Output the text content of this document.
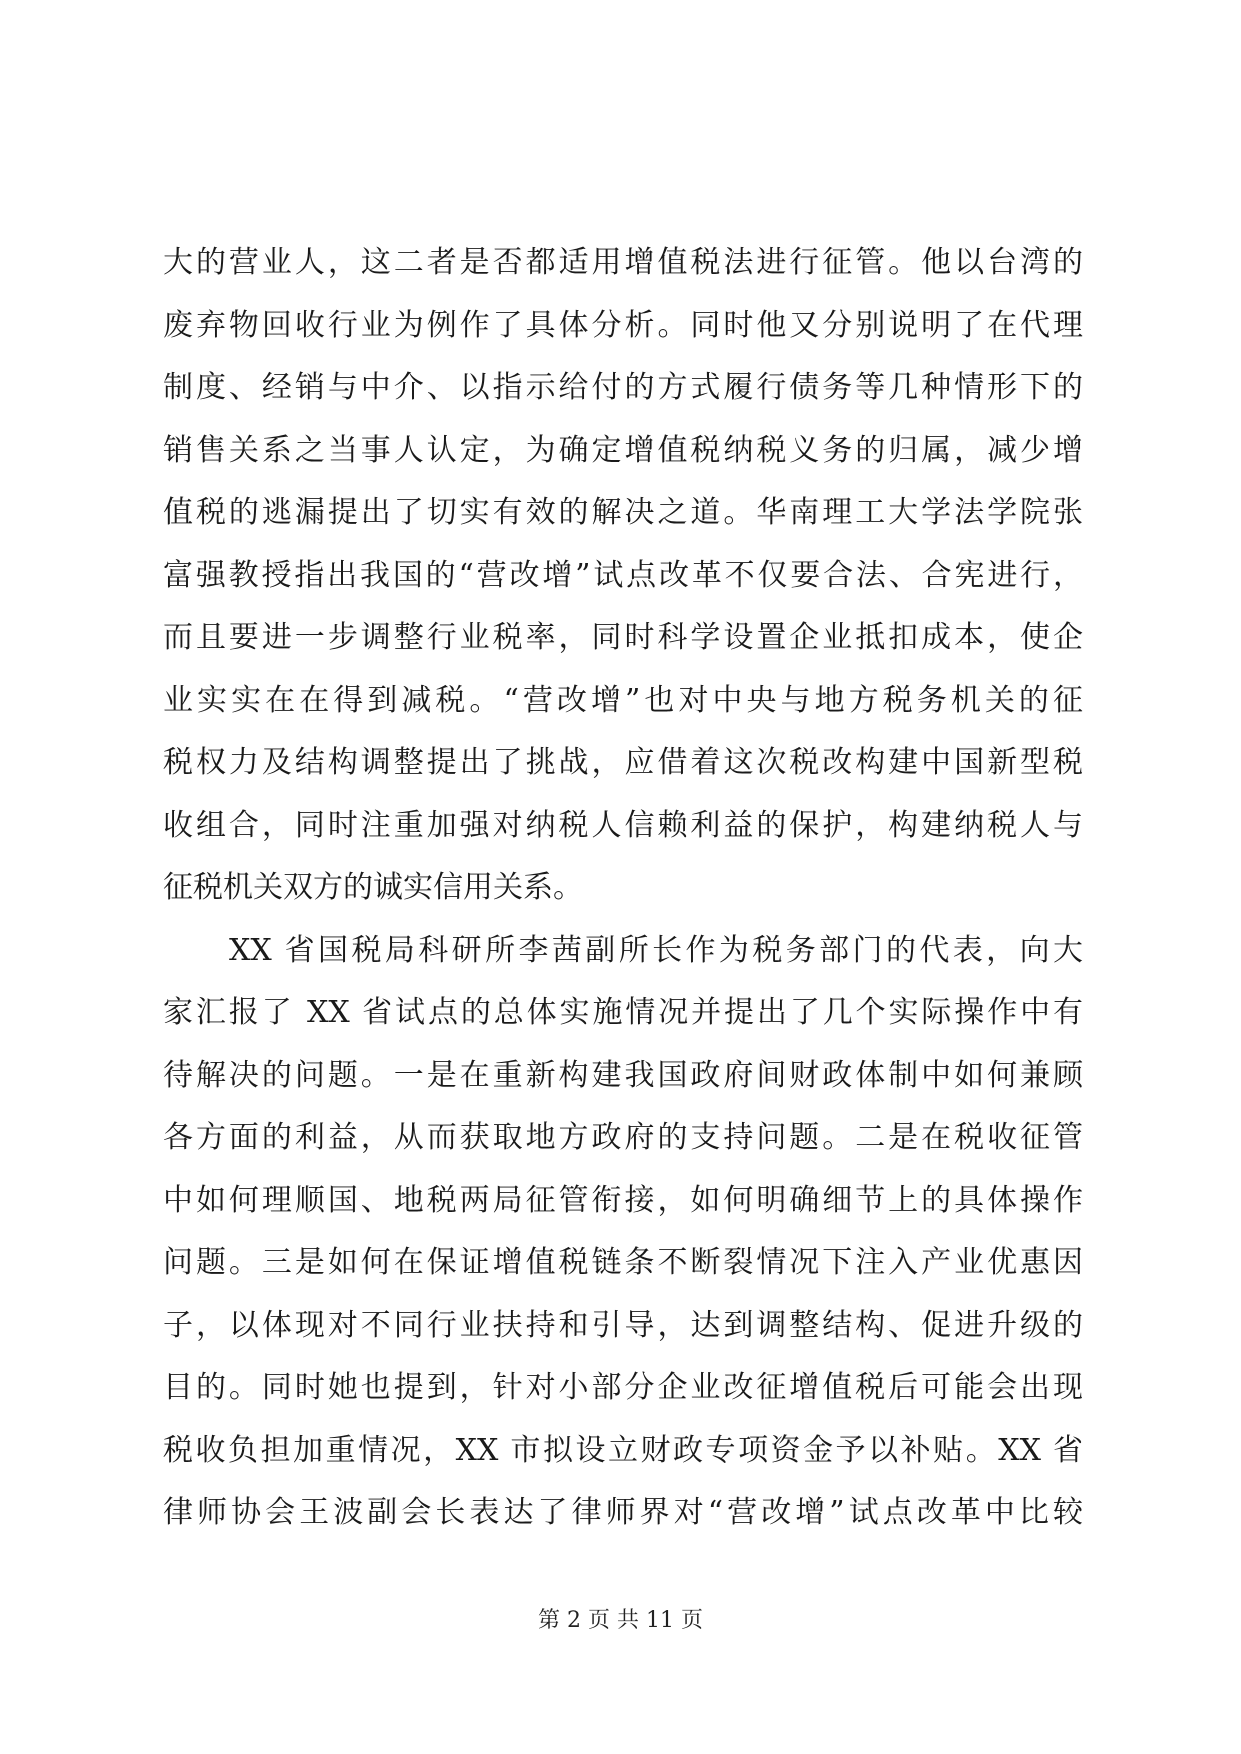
大的营业人，这二者是否都适用增值税法进行征管。他以台湾的
废弃物回收行业为例作了具体分析。同时他又分别说明了在代理
制度、经销与中介、以指示给付的方式履行债务等几种情形下的
销售关系之当事人认定，为确定增值税纳税义务的归属，减少增
值税的逃漏提出了切实有效的解决之道。华南理工大学法学院张
富强教授指出我国的“营改增”试点改革不仅要合法、合宪进行，
而且要进一步调整行业税率，同时科学设置企业抵扣成本，使企
业实实在在得到减税。“营改增”也对中央与地方税务机关的征
税权力及结构调整提出了挑战，应借着这次税改构建中国新型税
收组合，同时注重加强对纳税人信赖利益的保护，构建纳税人与
征税机关双方的诚实信用关系。
XX 省国税局科研所李茜副所长作为税务部门的代表，向大
家汇报了 XX 省试点的总体实施情况并提出了几个实际操作中有
待解决的问题。一是在重新构建我国政府间财政体制中如何兼顾
各方面的利益，从而获取地方政府的支持问题。二是在税收征管
中如何理顺国、地税两局征管衔接，如何明确细节上的具体操作
问题。三是如何在保证增值税链条不断裂情况下注入产业优惠因
子，以体现对不同行业扶持和引导，达到调整结构、促进升级的
目的。同时她也提到，针对小部分企业改征增值税后可能会出现
税收负担加重情况，XX 市拟设立财政专项资金予以补贴。XX 省
律师协会王波副会长表达了律师界对“营改增”试点改革中比较
第 2 页 共 11 页
